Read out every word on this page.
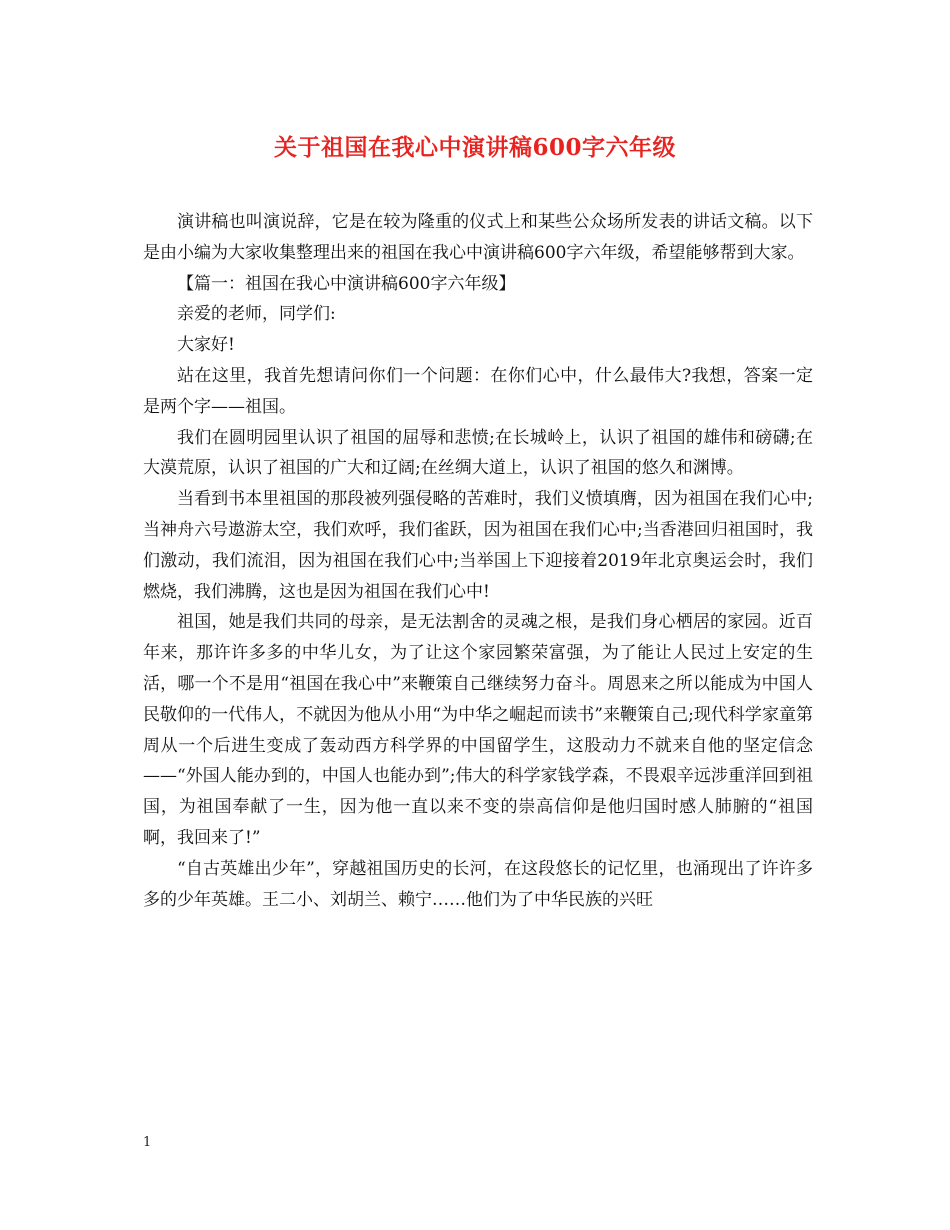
关于祖国在我心中演讲稿600字六年级

演讲稿也叫演说辞，它是在较为隆重的仪式上和某些公众场所发表的讲话文稿。以下是由小编为大家收集整理出来的祖国在我心中演讲稿600字六年级，希望能够帮到大家。

【篇一：祖国在我心中演讲稿600字六年级】

亲爱的老师，同学们:

大家好!

站在这里，我首先想请问你们一个问题：在你们心中，什么最伟大?我想，答案一定是两个字——祖国。

我们在圆明园里认识了祖国的屈辱和悲愤;在长城岭上，认识了祖国的雄伟和磅礴;在大漠荒原，认识了祖国的广大和辽阔;在丝绸大道上，认识了祖国的悠久和渊博。

当看到书本里祖国的那段被列强侵略的苦难时，我们义愤填膺，因为祖国在我们心中;当神舟六号遨游太空，我们欢呼，我们雀跃，因为祖国在我们心中;当香港回归祖国时，我们激动，我们流泪，因为祖国在我们心中;当举国上下迎接着2019年北京奥运会时，我们燃烧，我们沸腾，这也是因为祖国在我们心中!

祖国，她是我们共同的母亲，是无法割舍的灵魂之根，是我们身心栖居的家园。近百年来，那许许多多的中华儿女，为了让这个家园繁荣富强，为了能让人民过上安定的生活，哪一个不是用“祖国在我心中”来鞭策自己继续努力奋斗。周恩来之所以能成为中国人民敬仰的一代伟人，不就因为他从小用“为中华之崛起而读书”来鞭策自己;现代科学家童第周从一个后进生变成了轰动西方科学界的中国留学生，这股动力不就来自他的坚定信念——“外国人能办到的，中国人也能办到”;伟大的科学家钱学森，不畏艰辛远涉重洋回到祖国，为祖国奉献了一生，因为他一直以来不变的崇高信仰是他归国时感人肺腑的“祖国啊，我回来了!”

“自古英雄出少年”，穿越祖国历史的长河，在这段悠长的记忆里，也涌现出了许许多多的少年英雄。王二小、刘胡兰、赖宁……他们为了中华民族的兴旺

1
